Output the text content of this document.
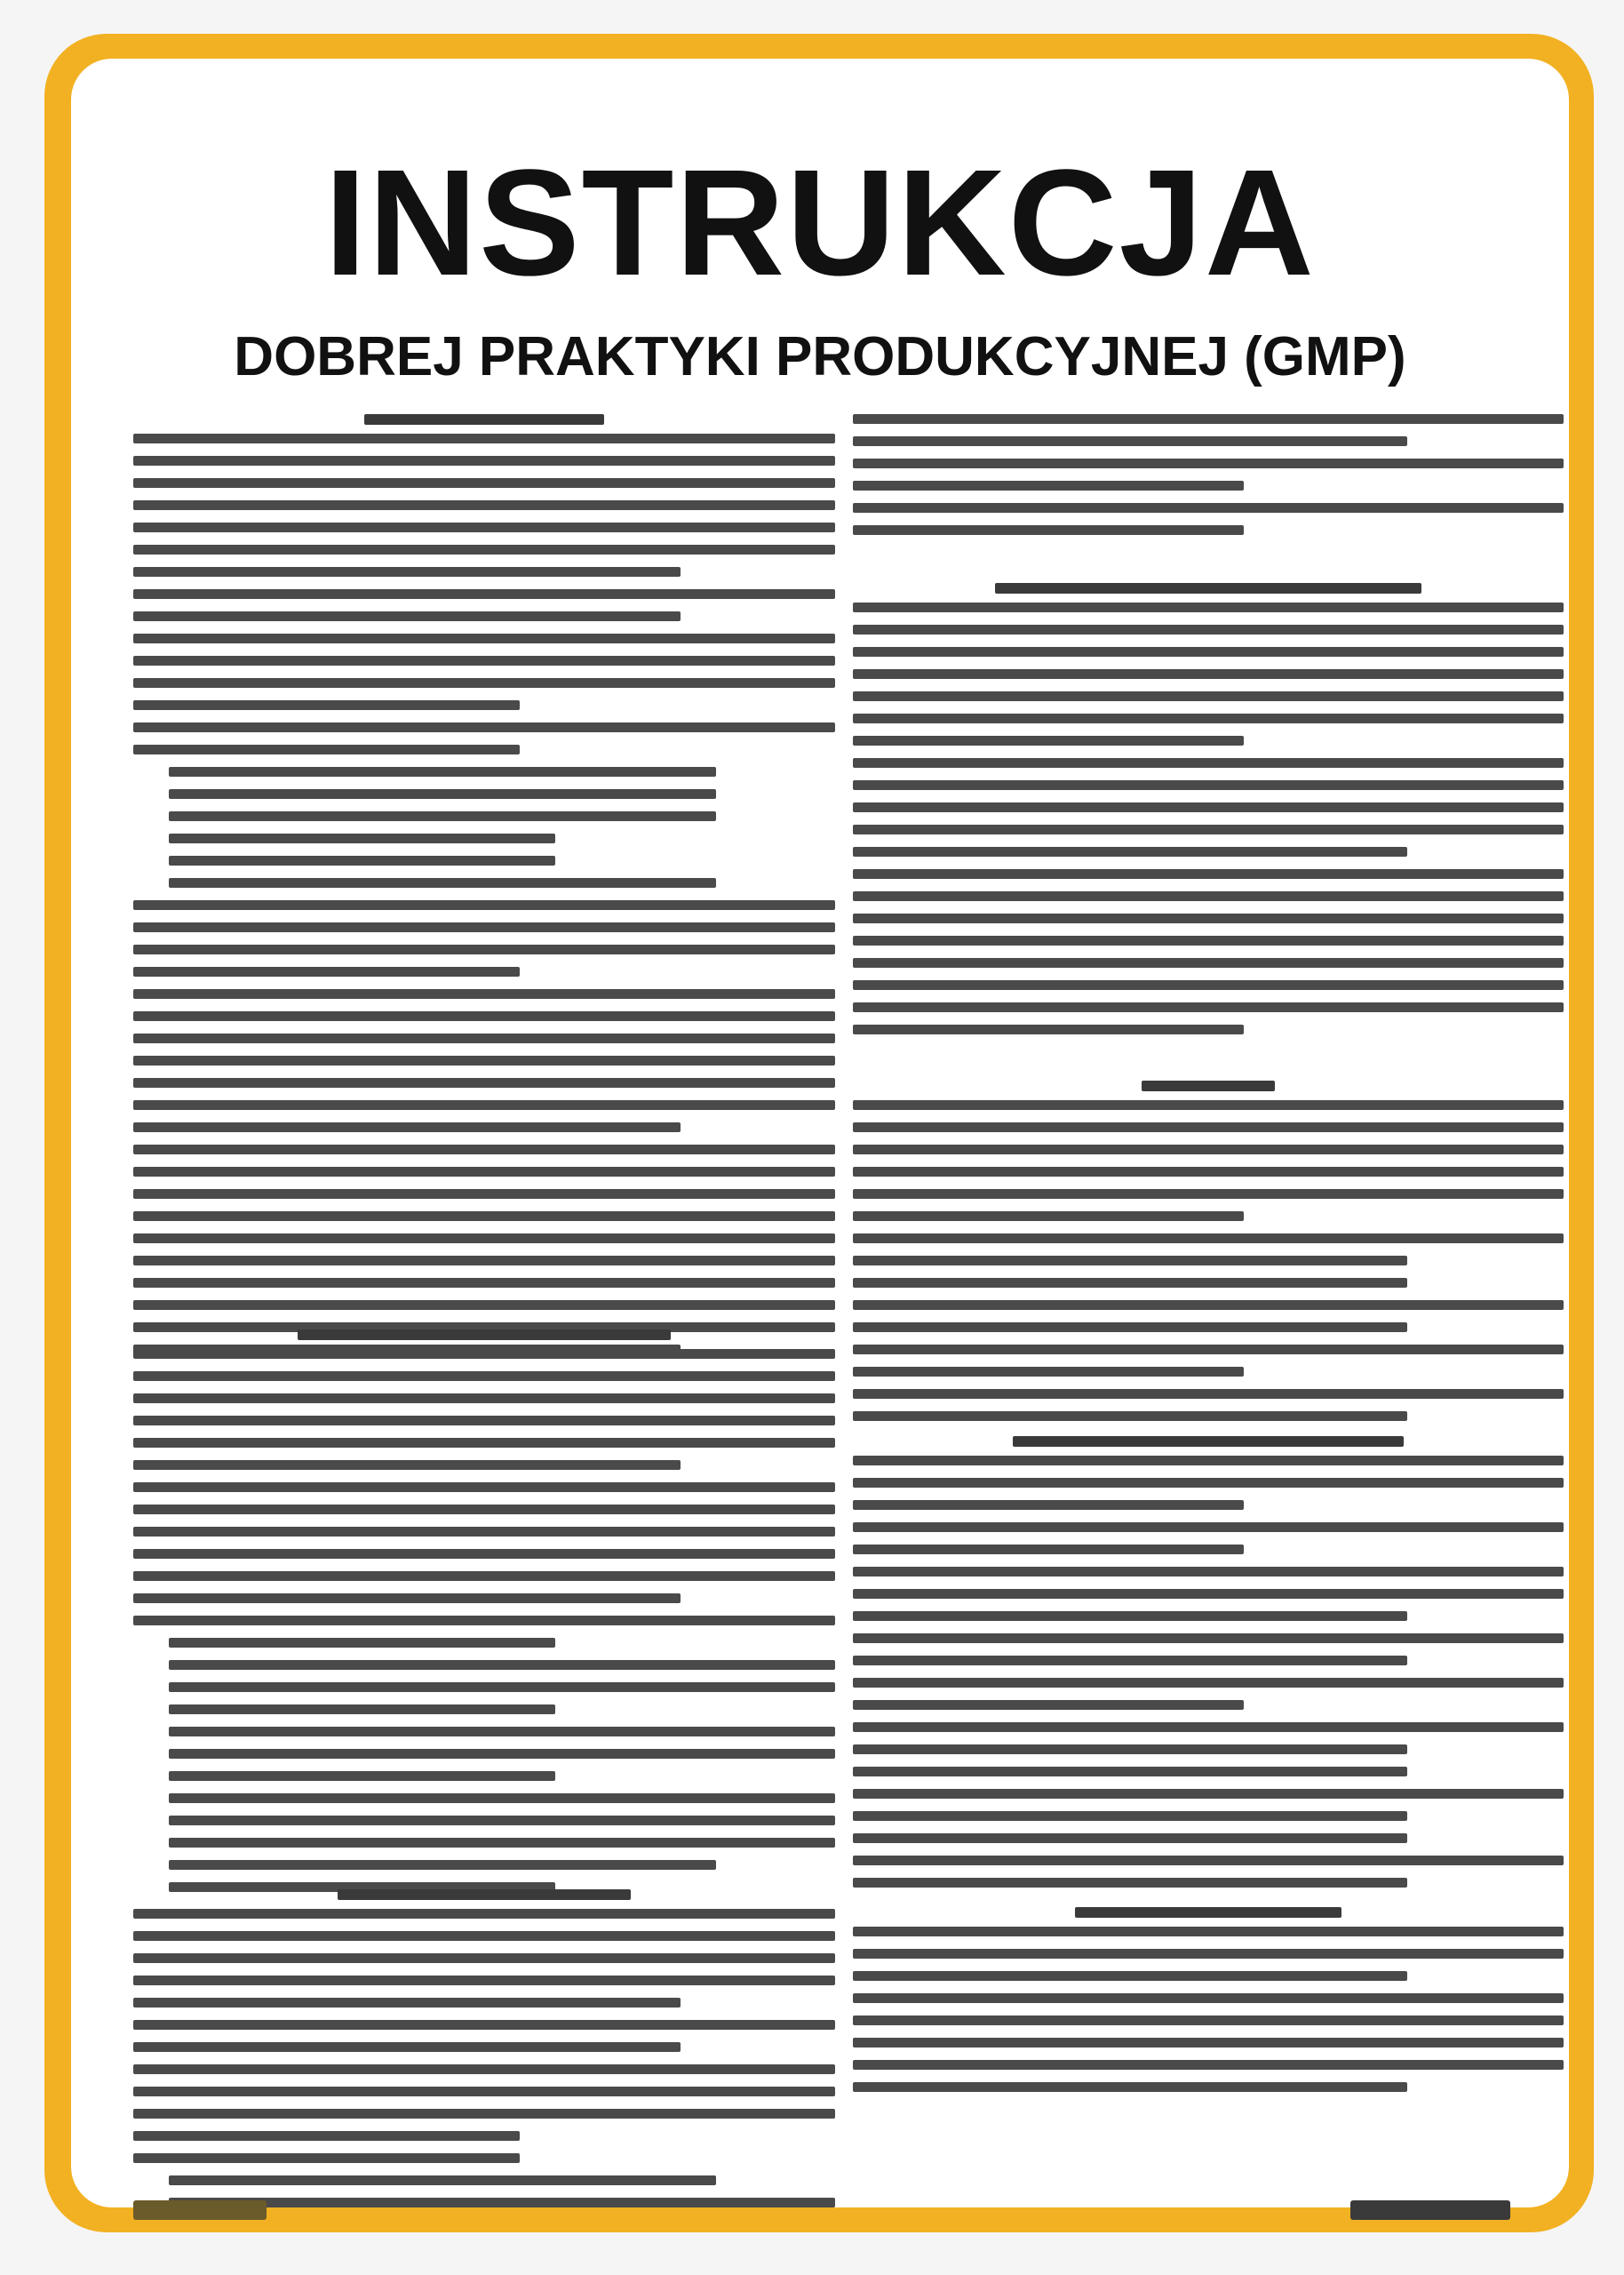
INSTRUKCJA
DOBREJ PRAKTYKI PRODUKCYJNEJ (GMP)
